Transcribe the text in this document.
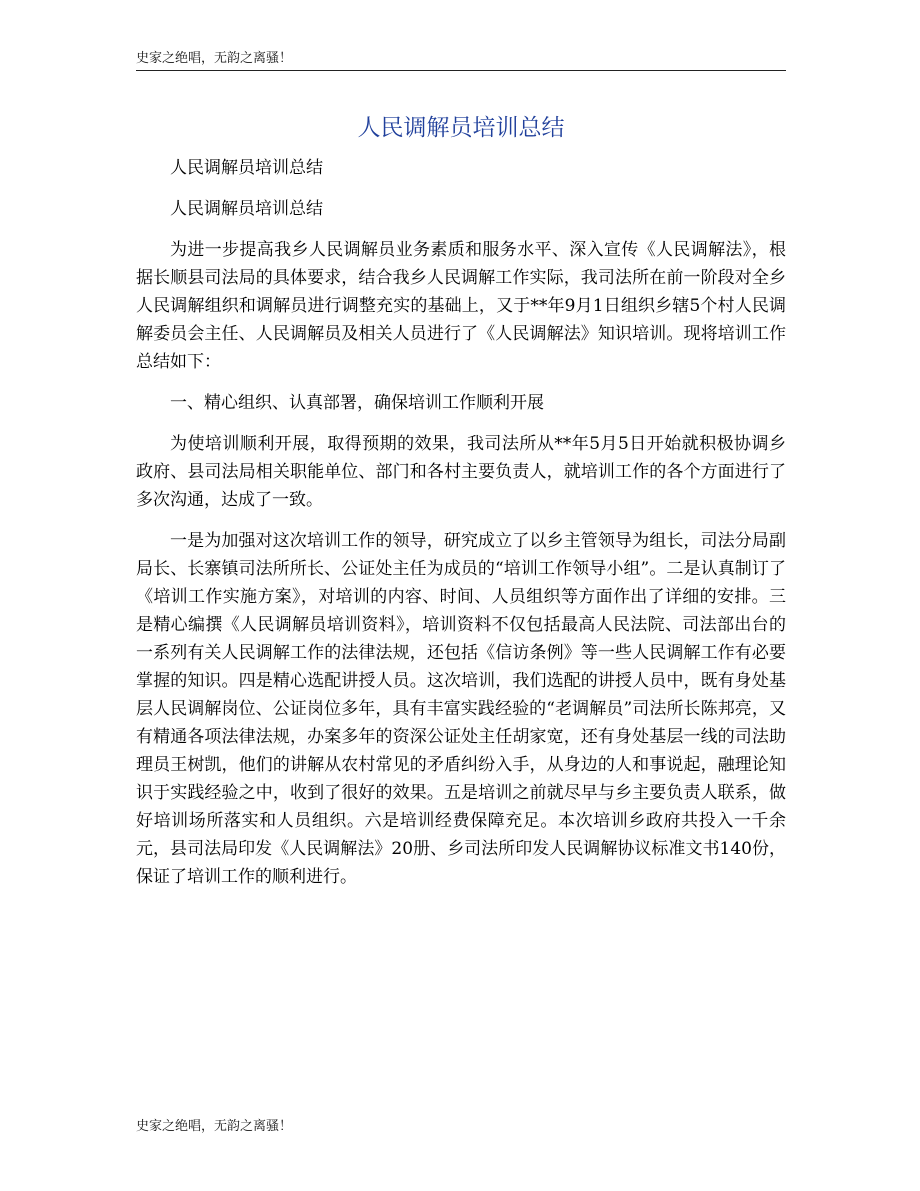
史家之绝唱，无韵之离骚！
人民调解员培训总结

人民调解员培训总结

人民调解员培训总结

为进一步提高我乡人民调解员业务素质和服务水平、深入宣传《人民调解法》，根据长顺县司法局的具体要求，结合我乡人民调解工作实际，我司法所在前一阶段对全乡人民调解组织和调解员进行调整充实的基础上，又于**年9月1日组织乡辖5个村人民调解委员会主任、人民调解员及相关人员进行了《人民调解法》知识培训。现将培训工作总结如下：

一、精心组织、认真部署，确保培训工作顺利开展

为使培训顺利开展，取得预期的效果，我司法所从**年5月5日开始就积极协调乡政府、县司法局相关职能单位、部门和各村主要负责人，就培训工作的各个方面进行了多次沟通，达成了一致。

一是为加强对这次培训工作的领导，研究成立了以乡主管领导为组长，司法分局副局长、长寨镇司法所所长、公证处主任为成员的“培训工作领导小组”。二是认真制订了《培训工作实施方案》，对培训的内容、时间、人员组织等方面作出了详细的安排。三是精心编撰《人民调解员培训资料》，培训资料不仅包括最高人民法院、司法部出台的一系列有关人民调解工作的法律法规，还包括《信访条例》等一些人民调解工作有必要掌握的知识。四是精心选配讲授人员。这次培训，我们选配的讲授人员中，既有身处基层人民调解岗位、公证岗位多年，具有丰富实践经验的“老调解员”司法所长陈邦亮，又有精通各项法律法规，办案多年的资深公证处主任胡家宽，还有身处基层一线的司法助理员王树凯，他们的讲解从农村常见的矛盾纠纷入手，从身边的人和事说起，融理论知识于实践经验之中，收到了很好的效果。五是培训之前就尽早与乡主要负责人联系，做好培训场所落实和人员组织。六是培训经费保障充足。本次培训乡政府共投入一千余元，县司法局印发《人民调解法》20册、乡司法所印发人民调解协议标准文书140份，保证了培训工作的顺利进行。

史家之绝唱，无韵之离骚！
